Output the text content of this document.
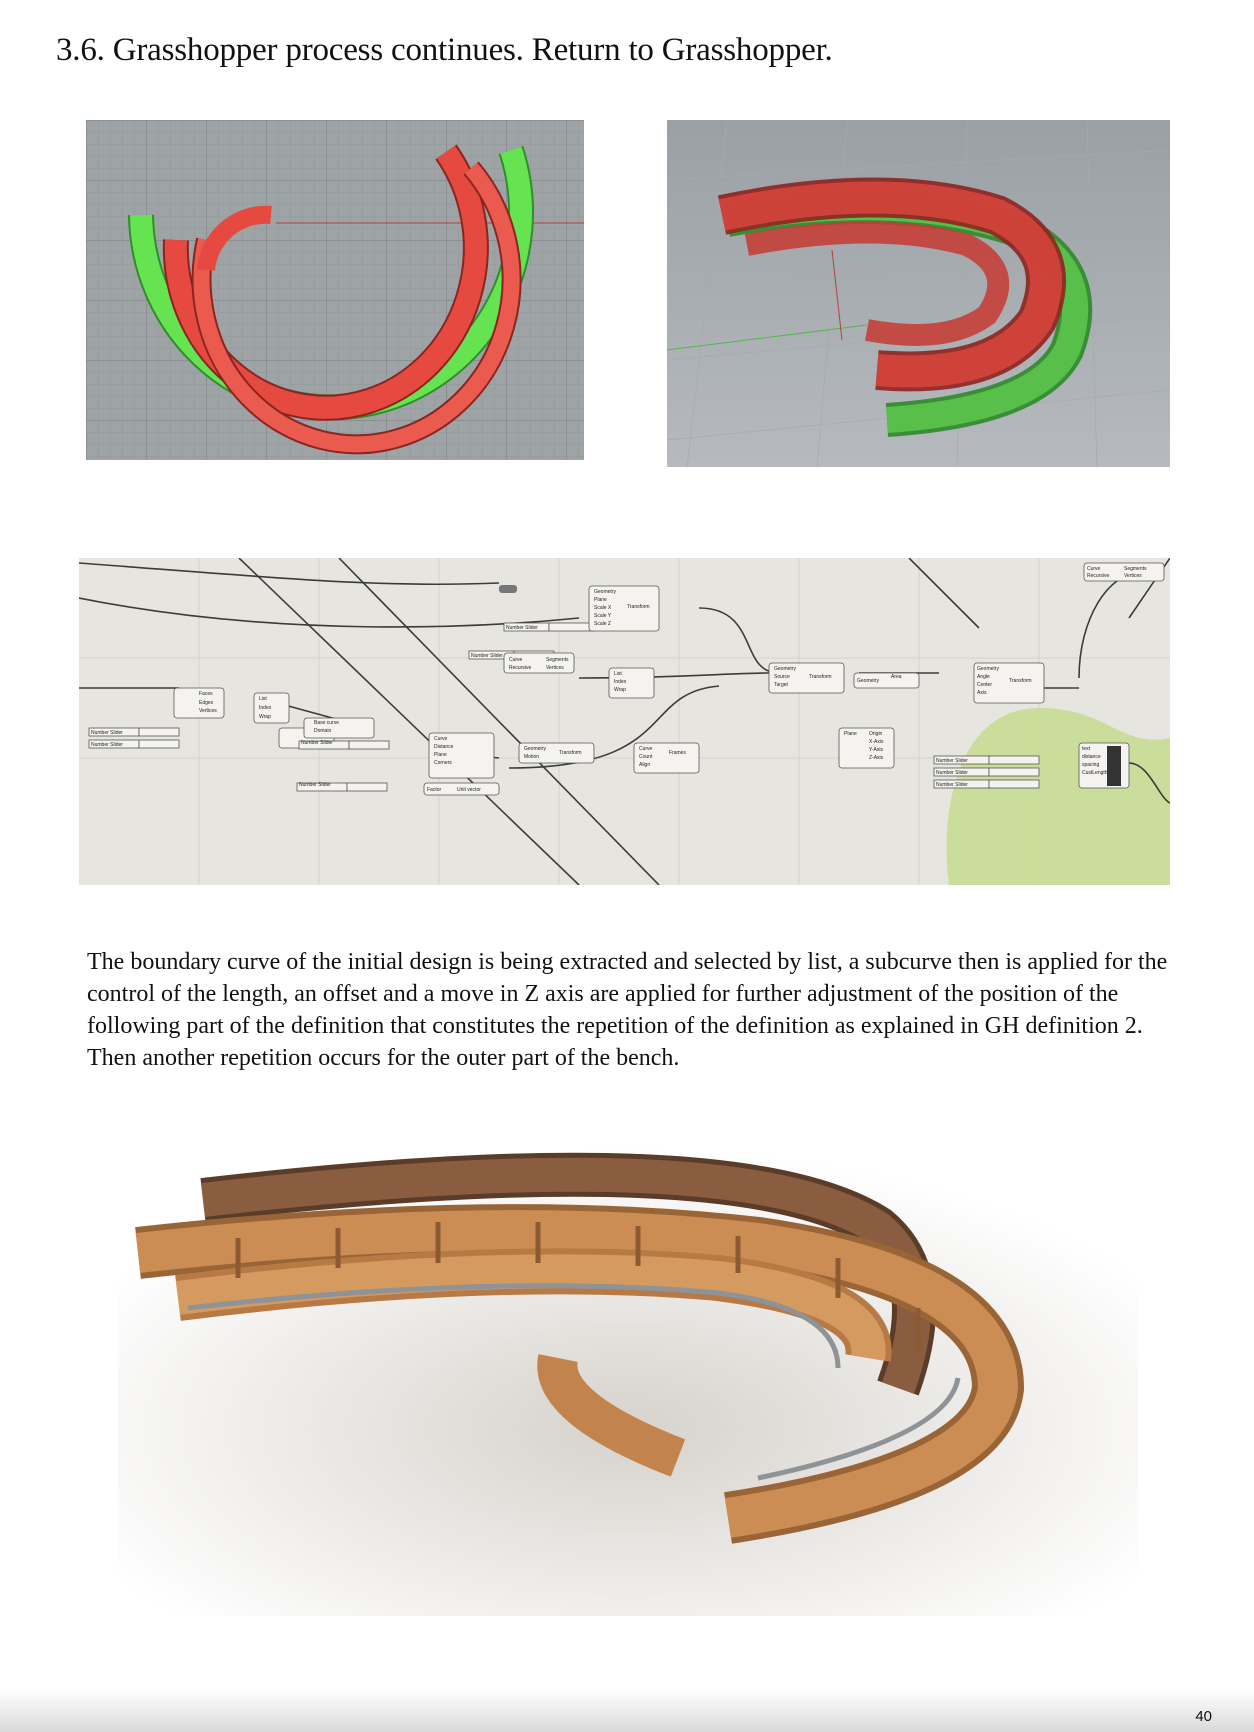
3.6. Grasshopper process continues. Return to Grasshopper.
Number Slider
Number Slider
Faces
Edges
Vertices
List
Index
Wrap
Number Slider
Number Slider
Base curve
Domain
Curve
Distance
Plane
Corners
Factor	Unit vector
Number Slider
Number Slider
Curve
Recursive
Segments
Vertices
Geometry
Plane
Scale X
Scale Y
Scale Z
Transform
Geometry
Motion
Transform
List
Index
Wrap
Curve
Count
Align
Frames
Geometry
Source
Target
Transform
Geometry
Area
Plane Origin
X-Axis
Y-Axis
Z-Axis
Geometry
Angle
Center
Axis
Transform
Number Slider
Number Slider
Number Slider
text
distance
spacing
CustLength
Curve
Recursive
Segments
Vertices
The boundary curve of the initial design is being extracted and selected by list, a subcurve then is applied for the control of the length, an offset and a move in Z axis are applied for further adjustment of the position of the following part of the definition that constitutes the repetition of the definition as explained in GH definition 2. Then another repetition occurs for the outer part of the bench.
40
